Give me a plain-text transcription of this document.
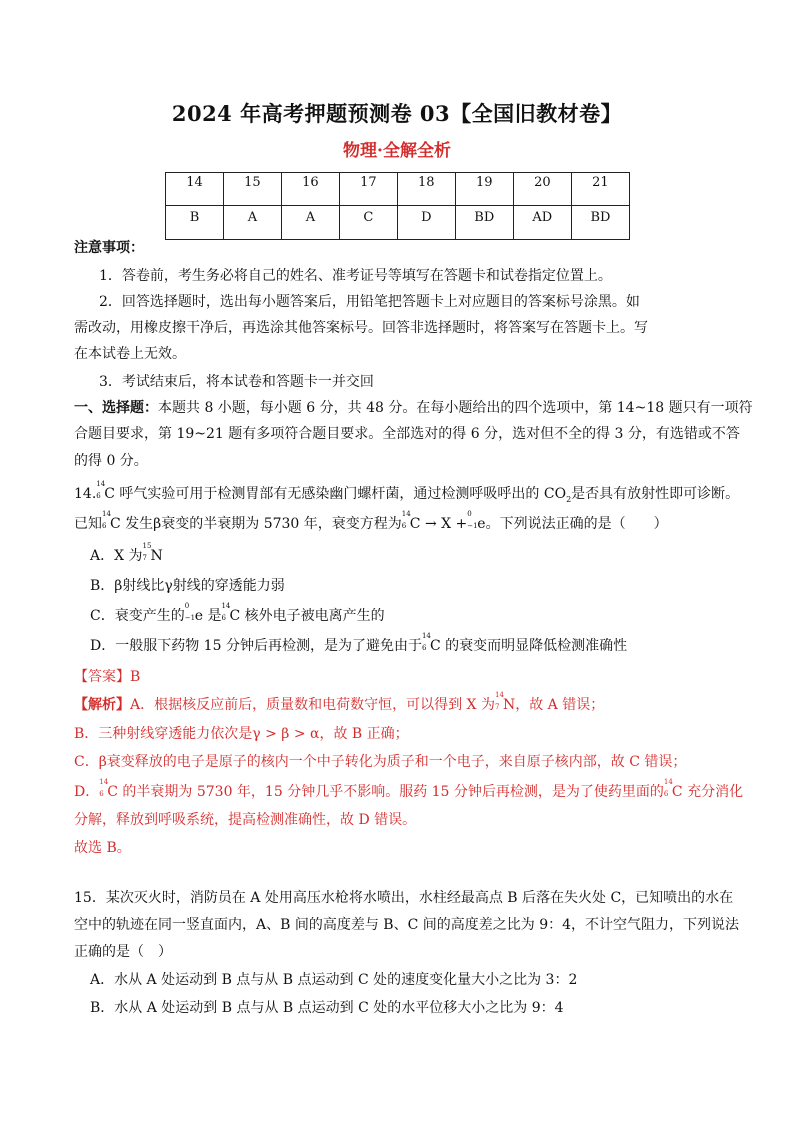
2024 年高考押题预测卷 03【全国旧教材卷】
物理·全解全析
14	15	16	17	18	19	20	21
B	A	A	C	D	BD	AD	BD
注意事项：
1．答卷前，考生务必将自己的姓名、准考证号等填写在答题卡和试卷指定位置上。
2．回答选择题时，选出每小题答案后，用铅笔把答题卡上对应题目的答案标号涂黑。如
需改动，用橡皮擦干净后，再选涂其他答案标号。回答非选择题时，将答案写在答题卡上。写
在本试卷上无效。
3．考试结束后，将本试卷和答题卡一并交回
一、选择题：本题共 8 小题，每小题 6 分，共 48 分。在每小题给出的四个选项中，第 14~18 题只有一项符
合题目要求，第 19~21 题有多项符合题目要求。全部选对的得 6 分，选对但不全的得 3 分，有选错或不答
的得 0 分。
14.
14
6 C 呼气实验可用于检测胃部有无感染幽门螺杆菌，通过检测呼吸呼出的 $CO_2$是否具有放射性即可诊断。
已知
14
6 C 发生β衰变的半衰期为 5730 年，衰变方程为
14
6 C → X +
0
−1 e。下列说法正确的是（　　）
A．X 为
15
7 N
B．β射线比γ射线的穿透能力弱
C．衰变产生的
0
−1 e 是
14
6 C 核外电子被电离产生的
D．一般服下药物 15 分钟后再检测，是为了避免由于
14
6 C 的衰变而明显降低检测准确性
【答案】B
【解析】A．根据核反应前后，质量数和电荷数守恒，可以得到 X 为
14
7 N，故 A 错误；
B．三种射线穿透能力依次是γ > β > α，故 B 正确；
C．β衰变释放的电子是原子的核内一个中子转化为质子和一个电子，来自原子核内部，故 C 错误；
D．
14
6 C 的半衰期为 5730 年，15 分钟几乎不影响。服药 15 分钟后再检测，是为了使药里面的
14
6 C 充分消化
分解，释放到呼吸系统，提高检测准确性，故 D 错误。
故选 B。
15．某次灭火时，消防员在 A 处用高压水枪将水喷出，水柱经最高点 B 后落在失火处 C，已知喷出的水在
空中的轨迹在同一竖直面内，A、B 间的高度差与 B、C 间的高度差之比为 9：4，不计空气阻力，下列说法
正确的是（　）
A．水从 A 处运动到 B 点与从 B 点运动到 C 处的速度变化量大小之比为 3：2
B．水从 A 处运动到 B 点与从 B 点运动到 C 处的水平位移大小之比为 9：4
